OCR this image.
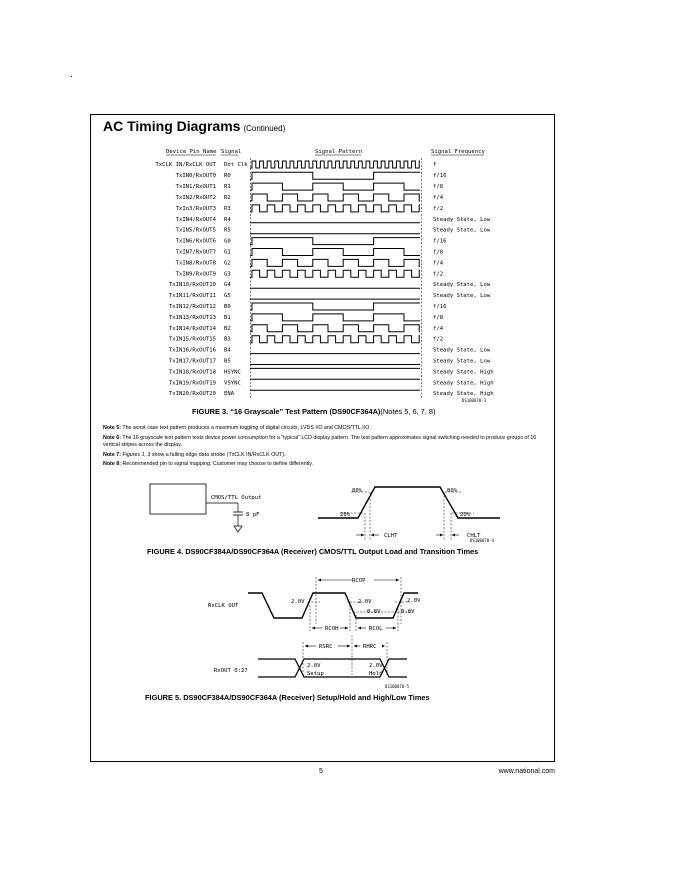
AC Timing Diagrams (Continued)
Device Pin Name Signal	Signal Pattern	Signal Frequency
TxCLK IN/RxCLK OUT Dot Clk	f
TxIN0/RxOUT0 R0	f/16
TxIN1/RxOUT1 R1	f/8
TxIN2/RxOUT2 R2	f/4
TxIn3/RxOUT3 R3	f/2
TxIN4/RxOUT4 R4	Steady State, Low
TxIN5/RxOUT5 R5	Steady State, Low
TxIN6/RxOUT6 G0	f/16
TxIN7/RxOUT7 G1	f/8
TxIN8/RxOUT8 G2	f/4
TxIN9/RxOUT9 G3	f/2
TxIN10/RxOUT10 G4	Steady State, Low
TxIN11/RxOUT11 G5	Steady State, Low
TxIN12/RxOUT12 B0	f/16
TxIN13/RxOUT13 B1	f/8
TxIN14/RxOUT14 B2	f/4
TxIN15/RxOUT15 B3	f/2
TxIN16/RxOUT16 B4	Steady State, Low
TxIN17/RxOUT17 B5	Steady State, Low
TxIN18/RxOUT18 HSYNC	Steady State, High
TxIN19/RxOUT19 VSYNC	Steady State, High
TxIN20/RxOUT20 ENA	Steady State, High
DS100870-3
CMOS/TTL Output
8 pF
80%	80%
20%	20%
CLHT	CHLT
DS100870-4
RxCLK OUT
RCOP
2.0V	2.0V	2.0V
0.8V	0.8V
RCOH	RCOL
RSRC	RHRC
RxOUT 0:27
2.0V
Setup
2.0V
Hold
DS100870-5
FIGURE 3. “16 Grayscale” Test Pattern (DS90CF364A)(Notes 5, 6, 7, 8)

Note 5: The worst case test pattern produces a maximum toggling of digital circuits, LVDS I/O and CMOS/TTL I/O.

Note 6: The 16 grayscale test pattern tests device power consumption for a “typical” LCD display pattern. The test pattern approximates signal switching needed to produce groups of 16 vertical stripes across the display.

Note 7: Figures 1, 3 show a falling edge data strobe (TxCLK IN/RxCLK OUT).

Note 8: Recommended pin to signal mapping. Customer may choose to define differently.

FIGURE 4. DS90CF384A/DS90CF364A (Receiver) CMOS/TTL Output Load and Transition Times
FIGURE 5. DS90CF384A/DS90CF364A (Receiver) Setup/Hold and High/Low Times
5	www.national.com
